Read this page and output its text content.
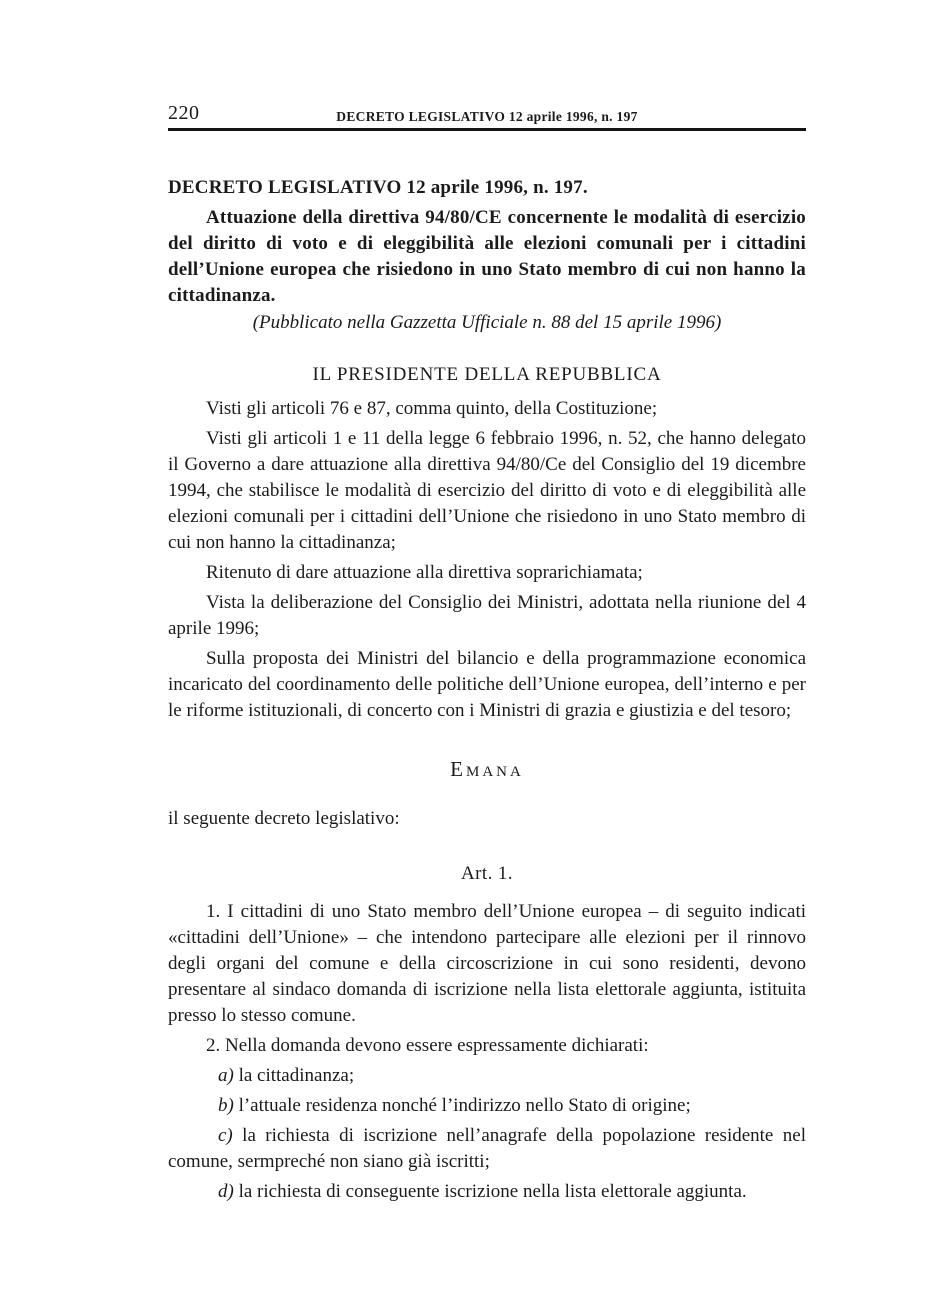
220	DECRETO LEGISLATIVO 12 aprile 1996, n. 197

DECRETO LEGISLATIVO 12 aprile 1996, n. 197.

Attuazione della direttiva 94/80/CE concernente le modalità di esercizio del diritto di voto e di eleggibilità alle elezioni comunali per i cittadini dell’Unione europea che risiedono in uno Stato membro di cui non hanno la cittadinanza.

(Pubblicato nella Gazzetta Ufficiale n. 88 del 15 aprile 1996)

IL PRESIDENTE DELLA REPUBBLICA

Visti gli articoli 76 e 87, comma quinto, della Costituzione;

Visti gli articoli 1 e 11 della legge 6 febbraio 1996, n. 52, che hanno delegato il Governo a dare attuazione alla direttiva 94/80/Ce del Consiglio del 19 dicembre 1994, che stabilisce le modalità di esercizio del diritto di voto e di eleggibilità alle elezioni comunali per i cittadini dell’Unione che risiedono in uno Stato membro di cui non hanno la cittadinanza;

Ritenuto di dare attuazione alla direttiva soprarichiamata;

Vista la deliberazione del Consiglio dei Ministri, adottata nella riunione del 4 aprile 1996;

Sulla proposta dei Ministri del bilancio e della programmazione economica incaricato del coordinamento delle politiche dell’Unione europea, dell’interno e per le riforme istituzionali, di concerto con i Ministri di grazia e giustizia e del tesoro;

Emana

il seguente decreto legislativo:

Art. 1.

1. I cittadini di uno Stato membro dell’Unione europea – di seguito indicati «cittadini dell’Unione» – che intendono partecipare alle elezioni per il rinnovo degli organi del comune e della circoscrizione in cui sono residenti, devono presentare al sindaco domanda di iscrizione nella lista elettorale aggiunta, istituita presso lo stesso comune.

2. Nella domanda devono essere espressamente dichiarati:

a) la cittadinanza;

b) l’attuale residenza nonché l’indirizzo nello Stato di origine;

c) la richiesta di iscrizione nell’anagrafe della popolazione residente nel comune, sermpreché non siano già iscritti;

d) la richiesta di conseguente iscrizione nella lista elettorale aggiunta.
